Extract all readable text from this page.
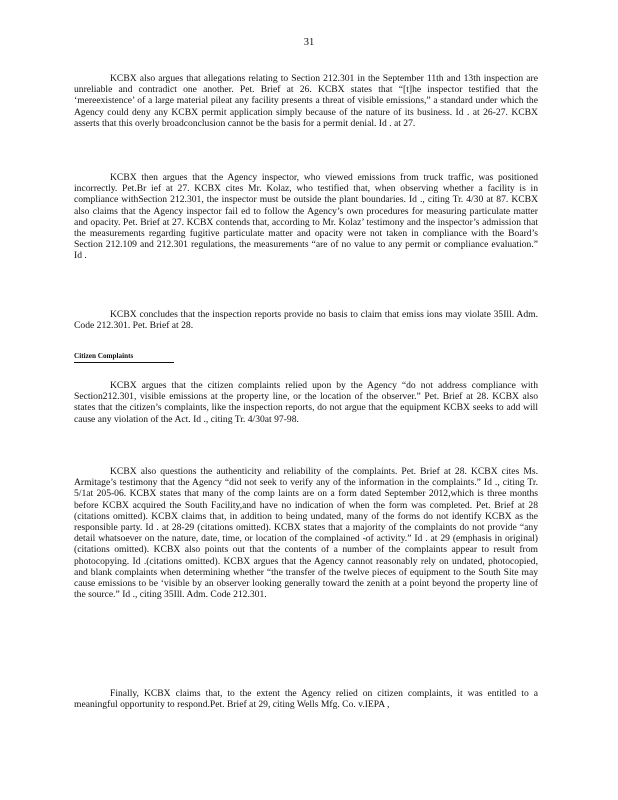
31

KCBX also argues that allegations relating to Section 212.301 in the September 11th and 13th inspection are unreliable and contradict one another. Pet. Brief at 26. KCBX states that “[t]he inspector testified that the ‘mereexistence’ of a large material pileat any facility presents a threat of visible emissions,” a standard under which the Agency could deny any KCBX permit application simply because of the nature of its business. Id . at 26-27. KCBX asserts that this overly broadconclusion cannot be the basis for a permit denial. Id . at 27.

KCBX then argues that the Agency inspector, who viewed emissions from truck traffic, was positioned incorrectly. Pet.Br ief at 27. KCBX cites Mr. Kolaz, who testified that, when observing whether a facility is in compliance withSection 212.301, the inspector must be outside the plant boundaries. Id ., citing Tr. 4/30 at 87. KCBX also claims that the Agency inspector fail ed to follow the Agency’s own procedures for measuring particulate matter and opacity. Pet. Brief at 27. KCBX contends that, according to Mr. Kolaz’ testimony and the inspector’s admission that the measurements regarding fugitive particulate matter and opacity were not taken in compliance with the Board’s Section 212.109 and 212.301 regulations, the measurements “are of no value to any permit or compliance evaluation.” Id .

KCBX concludes that the inspection reports provide no basis to claim that emiss ions may violate 35Ill. Adm. Code 212.301. Pet. Brief at 28.

Citizen Complaints

KCBX argues that the citizen complaints relied upon by the Agency “do not address compliance with Section212.301, visible emissions at the property line, or the location of the observer.” Pet. Brief at 28. KCBX also states that the citizen’s complaints, like the inspection reports, do not argue that the equipment KCBX seeks to add will cause any violation of the Act. Id ., citing Tr. 4/30at 97-98.

KCBX also questions the authenticity and reliability of the complaints. Pet. Brief at 28. KCBX cites Ms. Armitage’s testimony that the Agency “did not seek to verify any of the information in the complaints.” Id ., citing Tr. 5/1at 205-06. KCBX states that many of the comp laints are on a form dated September 2012,which is three months before KCBX acquired the South Facility,and have no indication of when the form was completed. Pet. Brief at 28 (citations omitted). KCBX claims that, in addition to being undated, many of the forms do not identify KCBX as the responsible party. Id . at 28-29 (citations omitted). KCBX states that a majority of the complaints do not provide “any detail whatsoever on the nature, date, time, or location of the complained -of activity.” Id . at 29 (emphasis in original) (citations omitted). KCBX also points out that the contents of a number of the complaints appear to result from photocopying. Id .(citations omitted). KCBX argues that the Agency cannot reasonably rely on undated, photocopied, and blank complaints when determining whether “the transfer of the twelve pieces of equipment to the South Site may cause emissions to be ‘visible by an observer looking generally toward the zenith at a point beyond the property line of the source.” Id ., citing 35Ill. Adm. Code 212.301.

Finally, KCBX claims that, to the extent the Agency relied on citizen complaints, it was entitled to a meaningful opportunity to respond.Pet. Brief at 29, citing Wells Mfg. Co. v.IEPA ,
